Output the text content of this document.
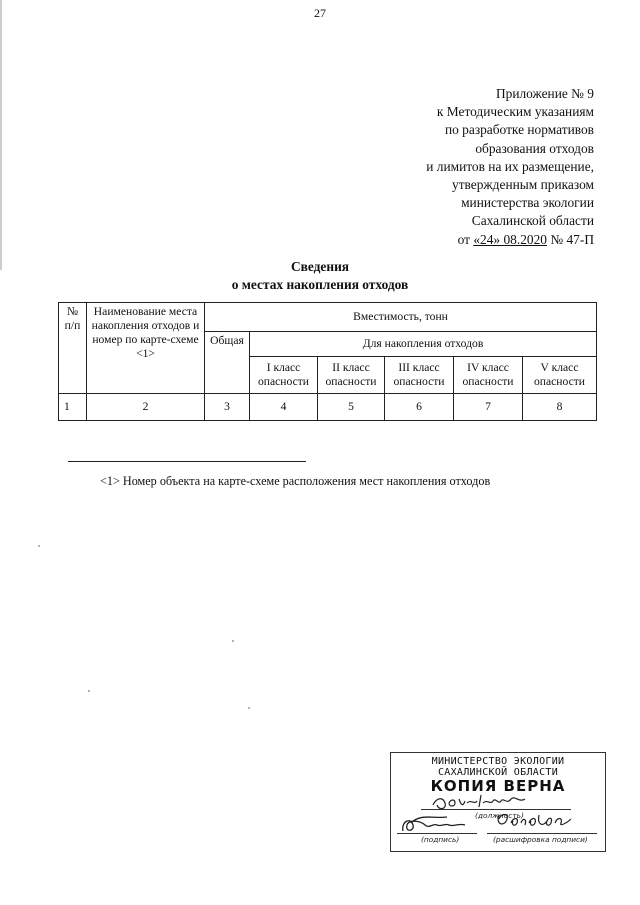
27
Приложение № 9
к Методическим указаниям
по разработке нормативов
образования отходов
и лимитов на их размещение,
утвержденным приказом
министерства экологии
Сахалинской области
от «24» 08.2020 № 47-П
Сведения
о местах накопления отходов
№ п/п	Наименование места накопления отходов и номер по карте-схеме <1>	Вместимость, тонн					
		Общая	Для накопления отходов				
			I класс опасности	II класс опасности	III класс опасности	IV класс опасности	V класс опасности
1	2	3	4	5	6	7	8
<1> Номер объекта на карте-схеме расположения мест накопления отходов
МИНИСТЕРСТВО ЭКОЛОГИИ
САХАЛИНСКОЙ ОБЛАСТИ
КОПИЯ ВЕРНА
(должность)
(подпись)	(расшифровка подписи)
